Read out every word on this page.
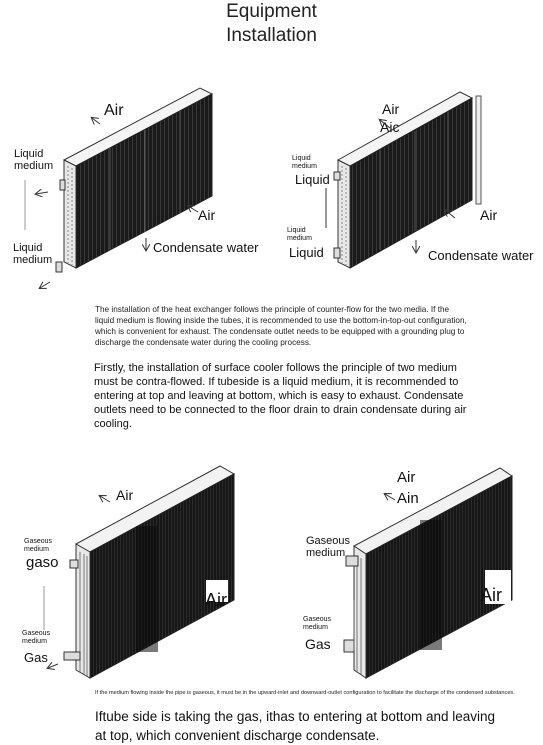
Equipment
Installation
Air
Liquid
medium
Liquid
medium
Air
Condensate water
Air
Aic
Liquid
medium
Liquid
Liquid
medium
Liquid
Air
Condensate water
The installation of the heat exchanger follows the principle of counter-flow for the two media. If the liquid medium is flowing inside the tubes, it is recommended to use the bottom-in-top-out configuration, which is convenient for exhaust. The condensate outlet needs to be equipped with a grounding plug to discharge the condensate water during the cooling process.
Firstly, the installation of surface cooler follows the principle of two medium must be contra-flowed. If tubeside is a liquid medium, it is recommended to entering at top and leaving at bottom, which is easy to exhaust. Condensate outlets need to be connected to the floor drain to drain condensate during air cooling.
Air
Gaseous
medium
gaso
Air
Gaseous
medium
Gas
Air
Ain
Gaseous
medium
Gaseous
medium
Gas
Air
If the medium flowing inside the pipe is gaseous, it must be in the upward-inlet and downward-outlet configuration to facilitate the discharge of the condensed substances.
Iftube side is taking the gas, ithas to entering at bottom and leaving at top, which convenient discharge condensate.
